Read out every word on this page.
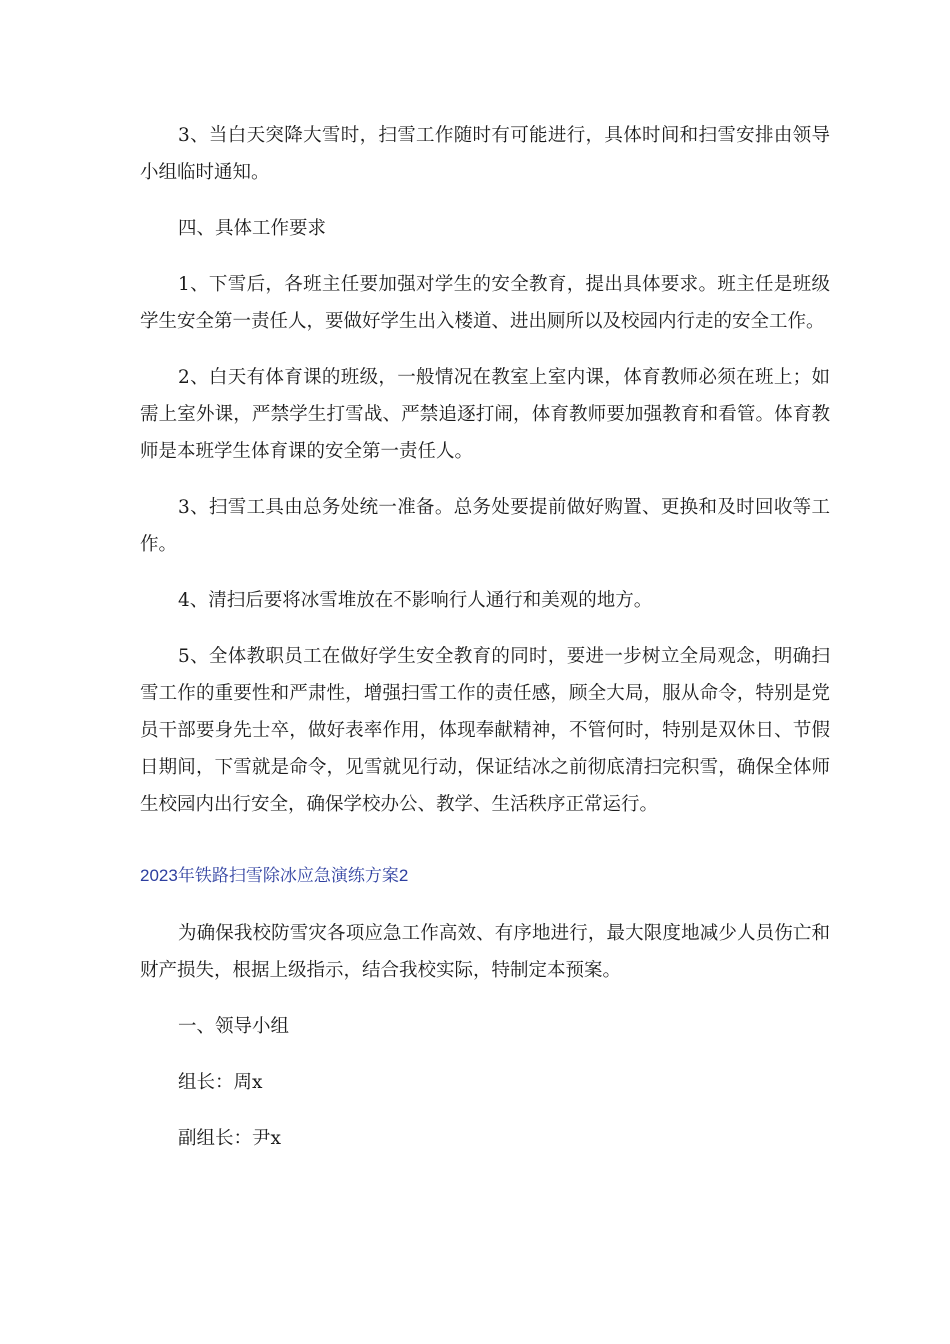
3、当白天突降大雪时，扫雪工作随时有可能进行，具体时间和扫雪安排由领导小组临时通知。

四、具体工作要求

1、下雪后，各班主任要加强对学生的安全教育，提出具体要求。班主任是班级学生安全第一责任人，要做好学生出入楼道、进出厕所以及校园内行走的安全工作。

2、白天有体育课的班级，一般情况在教室上室内课，体育教师必须在班上；如需上室外课，严禁学生打雪战、严禁追逐打闹，体育教师要加强教育和看管。体育教师是本班学生体育课的安全第一责任人。

3、扫雪工具由总务处统一准备。总务处要提前做好购置、更换和及时回收等工作。

4、清扫后要将冰雪堆放在不影响行人通行和美观的地方。

5、全体教职员工在做好学生安全教育的同时，要进一步树立全局观念，明确扫雪工作的重要性和严肃性，增强扫雪工作的责任感，顾全大局，服从命令，特别是党员干部要身先士卒，做好表率作用，体现奉献精神，不管何时，特别是双休日、节假日期间，下雪就是命令，见雪就见行动，保证结冰之前彻底清扫完积雪，确保全体师生校园内出行安全，确保学校办公、教学、生活秩序正常运行。

2023年铁路扫雪除冰应急演练方案2

为确保我校防雪灾各项应急工作高效、有序地进行，最大限度地减少人员伤亡和财产损失，根据上级指示，结合我校实际，特制定本预案。

一、领导小组

组长：周x

副组长：尹x
